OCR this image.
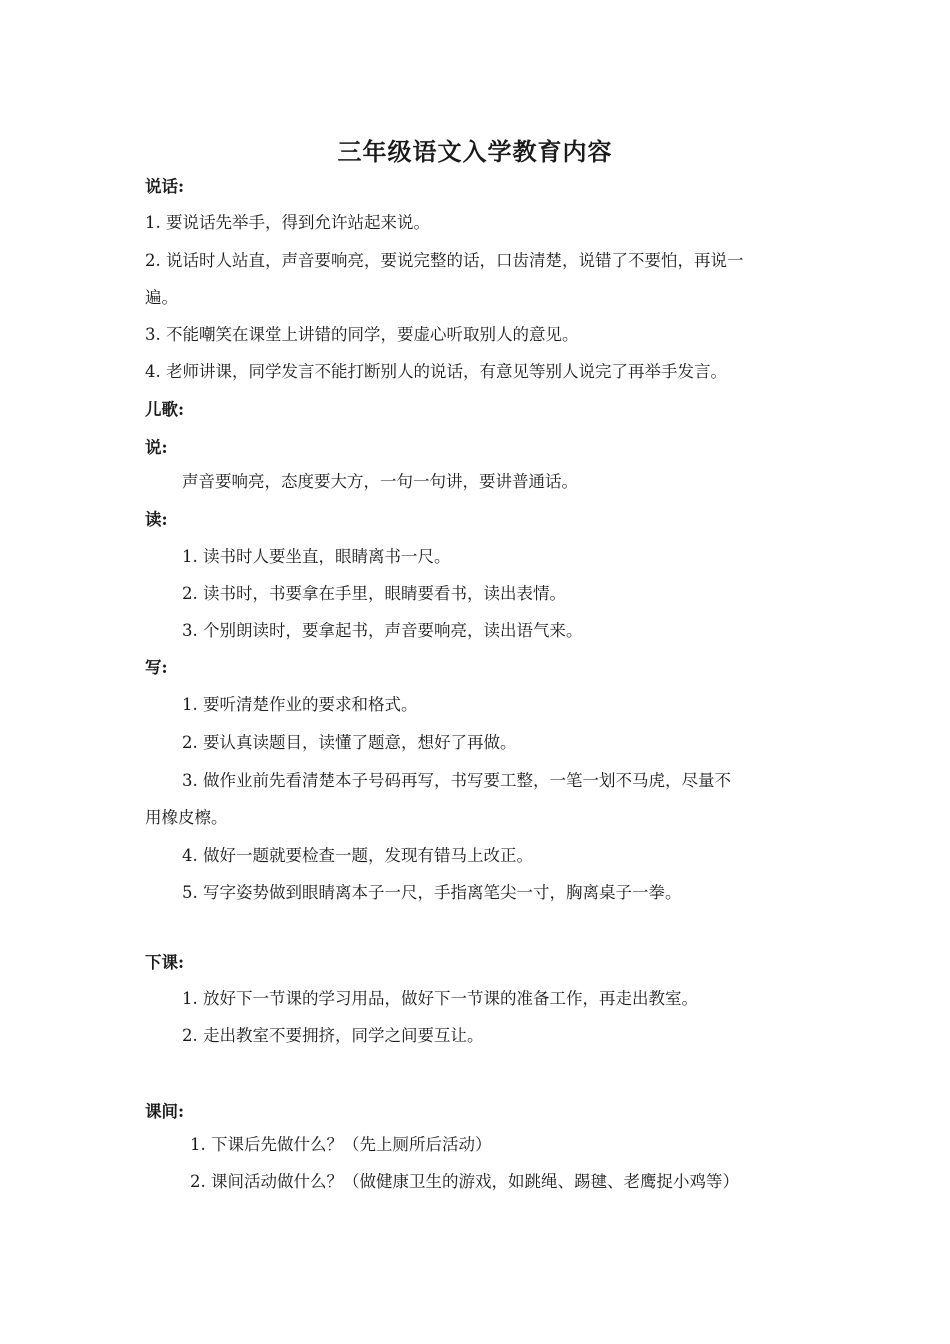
三年级语文入学教育内容
说话:
1. 要说话先举手，得到允许站起来说。
2. 说话时人站直，声音要响亮，要说完整的话，口齿清楚，说错了不要怕，再说一
遍。
3. 不能嘲笑在课堂上讲错的同学，要虚心听取别人的意见。
4. 老师讲课，同学发言不能打断别人的说话，有意见等别人说完了再举手发言。
儿歌:
说:
声音要响亮，态度要大方，一句一句讲，要讲普通话。
读:
1. 读书时人要坐直，眼睛离书一尺。
2. 读书时，书要拿在手里，眼睛要看书，读出表情。
3. 个别朗读时，要拿起书，声音要响亮，读出语气来。
写:
1. 要听清楚作业的要求和格式。
2. 要认真读题目，读懂了题意，想好了再做。
3. 做作业前先看清楚本子号码再写，书写要工整，一笔一划不马虎，尽量不
用橡皮檫。
4. 做好一题就要检查一题，发现有错马上改正。
5. 写字姿势做到眼睛离本子一尺，手指离笔尖一寸，胸离桌子一拳。
下课:
1. 放好下一节课的学习用品，做好下一节课的准备工作，再走出教室。
2. 走出教室不要拥挤，同学之间要互让。
课间:
1. 下课后先做什么？（先上厕所后活动）
2. 课间活动做什么？（做健康卫生的游戏，如跳绳、踢毽、老鹰捉小鸡等）
